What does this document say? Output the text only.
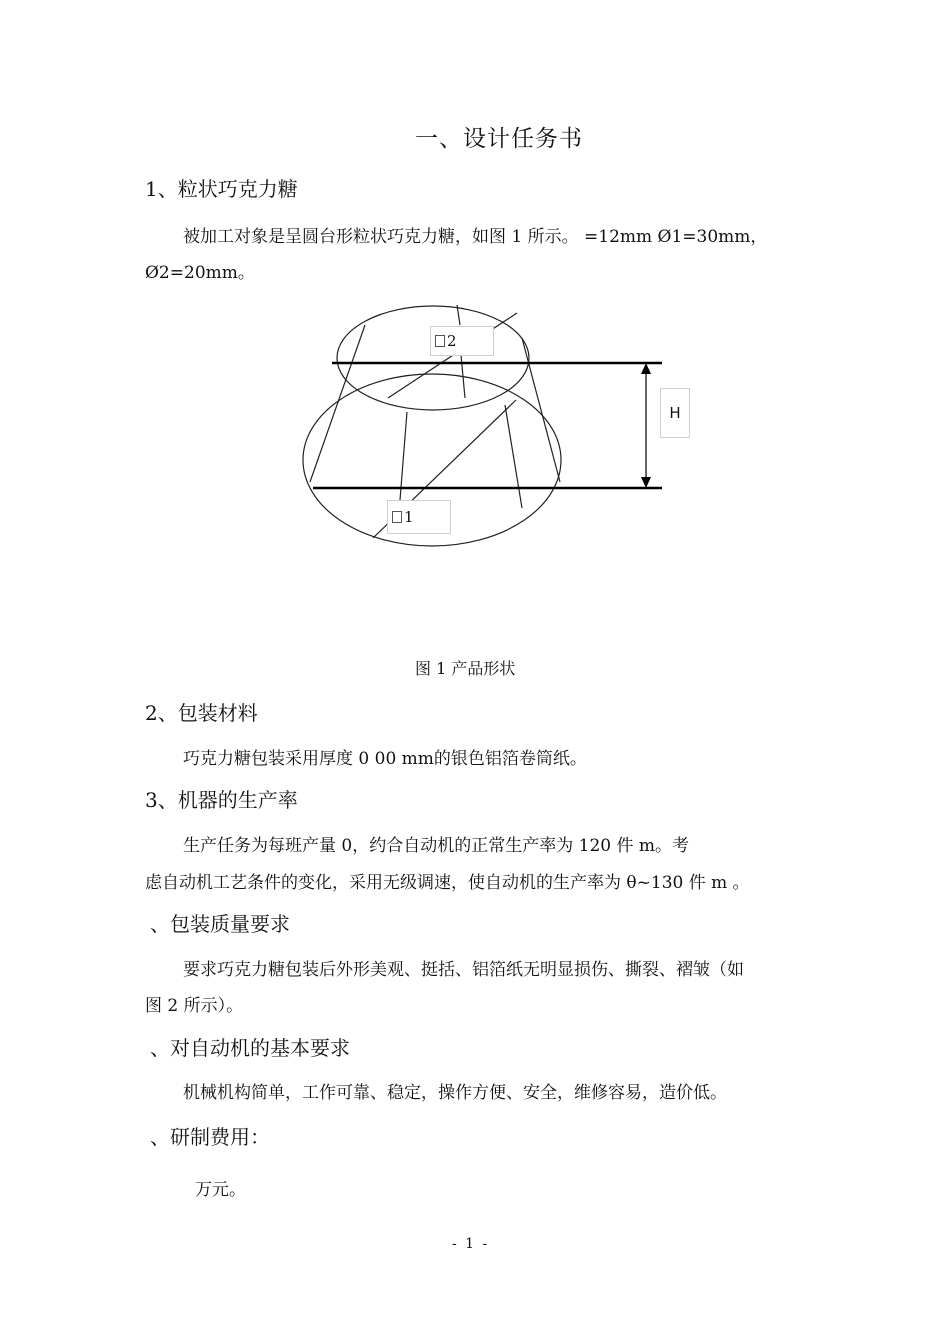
一、设计任务书
1、粒状巧克力糖
被加工对象是呈圆台形粒状巧克力糖，如图 1 所示。 =12mm Ø1=30mm，
Ø2=20mm。
2
H
1
图 1 产品形状
2、包装材料
巧克力糖包装采用厚度 0 00 mm的银色铝箔卷筒纸。
3、机器的生产率
生产任务为每班产量 0，约合自动机的正常生产率为 120 件 m。考
虑自动机工艺条件的变化，采用无级调速，使自动机的生产率为 θ~130 件 m 。
、包装质量要求
要求巧克力糖包装后外形美观、挺括、铝箔纸无明显损伤、撕裂、褶皱（如
图 2 所示）。
、对自动机的基本要求
机械机构简单，工作可靠、稳定，操作方便、安全，维修容易，造价低。
、研制费用：
万元。
- 1 -
